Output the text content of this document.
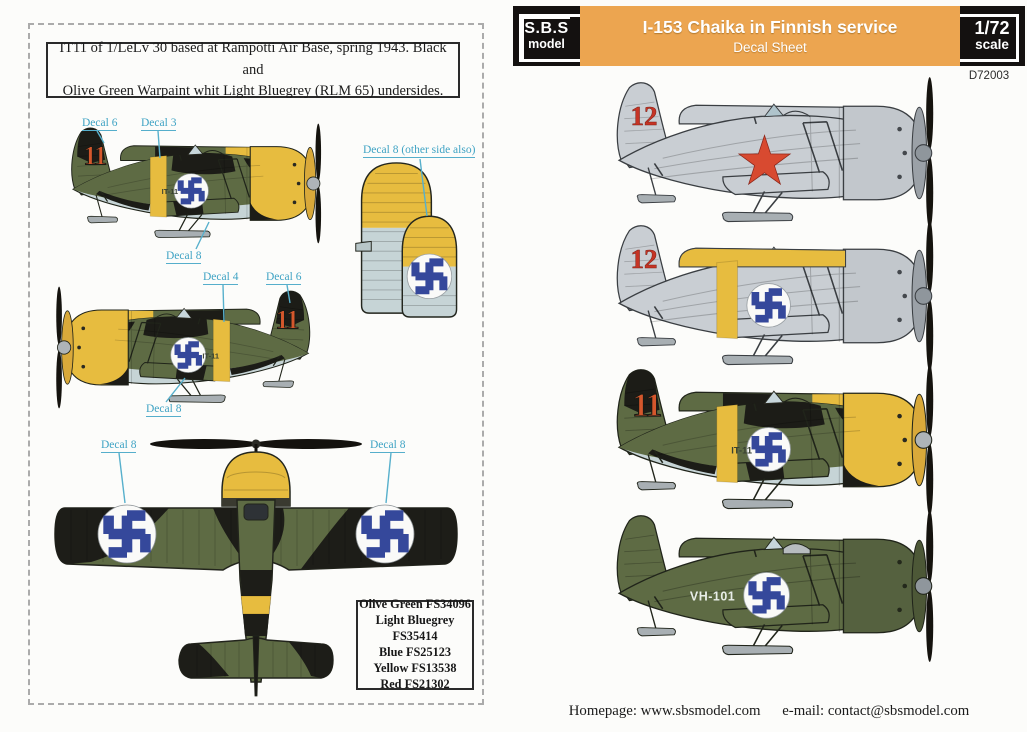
IT11 of 1/LeLv 30 based at Rämpötti Air Base, spring 1943. Black and
Olive Green Warpaint whit Light Bluegrey (RLM 65) undersides.
IT-11
11
IT-11
11
Decal 6 Decal 3
Decal 8
Decal 8 (other side also)
Decal 4 Decal 6
Decal 8
Decal 8	Decal 8
Olive Green FS34096
Light Bluegrey FS35414
Blue FS25123
Yellow FS13538
Red FS21302
I-153 Chaika in Finnish service
Decal Sheet
S.B.S
model
1/72
scale
D72003
12
12
IT-11
11
VH-101
Homepage: www.sbsmodel.com e-mail: contact@sbsmodel.com
